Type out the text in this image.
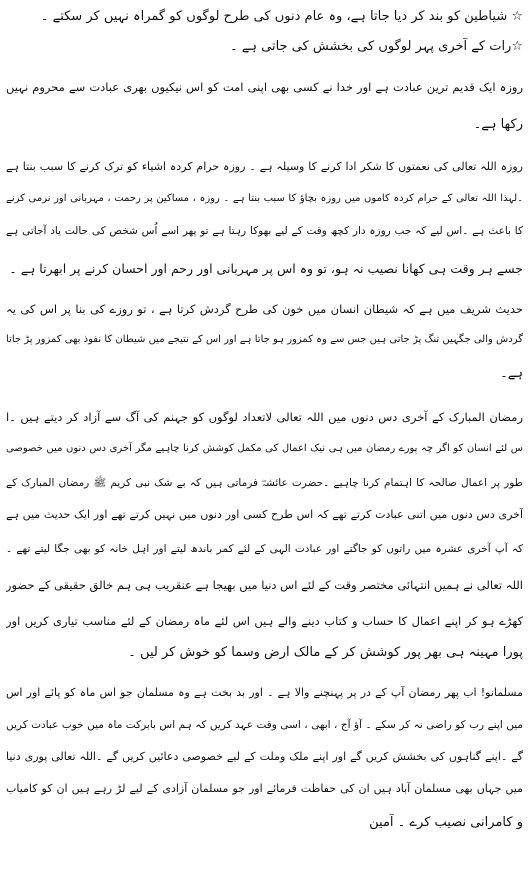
☆ شیاطین کو بند کر دیا جاتا ہے، وہ عام دنوں کی طرح لوگوں کو گمراہ نہیں کر سکتے ۔
☆رات کے آخری پہر لوگوں کی بخشش کی جاتی ہے ۔
روزہ ایک قدیم ترین عبادت ہے اور خدا نے کسی بھی اپنی امت کو اس نیکیوں بھری عبادت سے محروم نہیں
رکھا ہے۔
روزہ اللہ تعالی کی نعمتوں کا شکر ادا کرنے کا وسیلہ ہے ۔ روزہ حرام کردہ اشیاء کو ترک کرنے کا سبب بنتا ہے
۔لہذا اللہ تعالی کے حرام کردہ کاموں میں روزہ بچاؤ کا سبب بنتا ہے ۔ روزہ ، مساکین پر رحمت ، مہربانی اور نرمی کرنے
کا باعث ہے ۔اس لیے کہ جب روزہ دار کچھ وقت کے لیے بھوکا رہتا ہے تو پھر اسے اُس شخص کی حالت یاد آجاتی ہے
جسے ہر وقت ہی کھانا نصیب نہ ہو، تو وہ اس پر مہربانی اور رحم اور احسان کرنے پر ابھرتا ہے ۔
حدیث شریف میں ہے کہ شیطان انسان میں خون کی طرح گردش کرتا ہے ، تو روزے کی بنا پر اس کی یہ
گردش والی جگہیں تنگ پڑ جاتی ہیں جس سے وہ کمزور ہو جاتا ہے اور اس کے نتیجے میں شیطان کا نفوذ بھی کمزور پڑ جاتا
ہے۔
رمضان المبارک کے آخری دس دنوں میں اللہ تعالی لاتعداد لوگوں کو جہنم کی آگ سے آزاد کر دیتے ہیں ۔ا
س لئے انسان کو اگر چہ پورے رمضان میں ہی نیک اعمال کی مکمل کوشش کرنا چاہیے مگر آخری دس دنوں میں خصوصی
طور پر اعمال صالحہ کا اہتمام کرنا چاہیے ۔حضرت عائشہؓ فرماتی ہیں کہ بے شک نبی کریم ﷺ رمضان المبارک کے
آخری دس دنوں میں اتنی عبادت کرتے تھے کہ اس طرح کسی اور دنوں میں نہیں کرتے تھے اور ایک حدیث میں ہے
کہ آپ آخری عشرہ میں راتوں کو جاگتے اور عبادت الہی کے لئے کمر باندھ لیتے اور اہل خانہ کو بھی جگا لیتے تھے ۔
اللہ تعالی نے ہمیں انتہائی مختصر وقت کے لئے اس دنیا میں بھیجا ہے عنقریب ہی ہم خالق حقیقی کے حضور
کھڑے ہو کر اپنے اعمال کا حساب و کتاب دینے والے ہیں اس لئے ماہ رمضان کے لئے مناسب تیاری کریں اور
پورا مہینہ ہی بھر پور کوشش کر کے مالک ارض وسما کو خوش کر لیں ۔
مسلمانو! اب پھر رمضان آپ کے در پر پہنچنے والا ہے ۔ اور بد بخت ہے وہ مسلمان جو اس ماہ کو پائے اور اس
میں اپنے رب کو راضی نہ کر سکے ۔ آؤ آج ، ابھی ، اسی وقت عہد کریں کہ ہم اس بابرکت ماہ میں خوب عبادت کریں
گے ۔اپنے گناہوں کی بخشش کریں گے اور اپنے ملک وملت کے لیے خصوصی دعائیں کریں گے ۔اللہ تعالی پوری دنیا
میں جہاں بھی مسلمان آباد ہیں ان کی حفاظت فرمائے اور جو مسلمان آزادی کے لیے لڑ رہے ہیں ان کو کامیاب
و کامرانی نصیب کرے ۔ آمین
